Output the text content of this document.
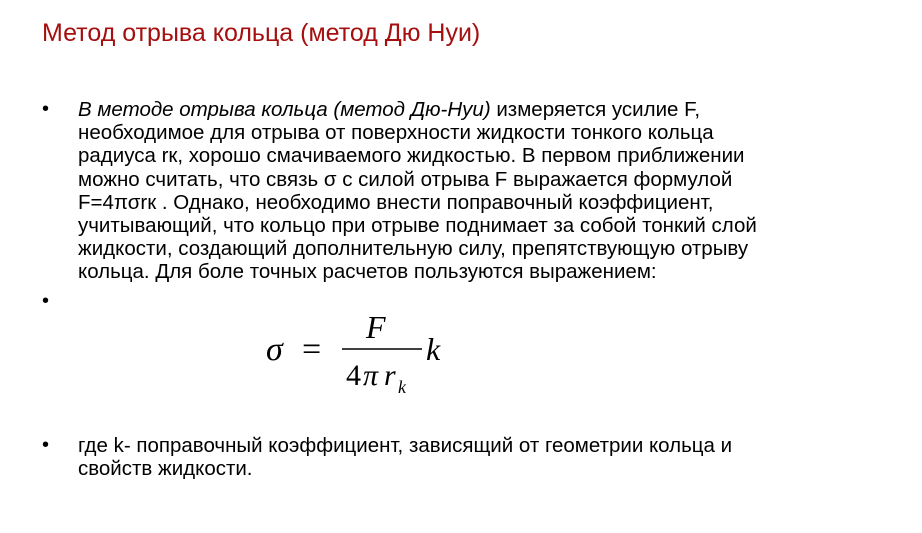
Метод отрыва кольца (метод Дю Нуи)
•	В методе отрыва кольца (метод Дю-Нуи) измеряется усилие F,
необходимое для отрыва от поверхности жидкости тонкого кольца
радиуса rк, хорошо смачиваемого жидкостью. В первом приближении
можно считать, что связь σ с силой отрыва F выражается формулой
F=4πσrк . Однако, необходимо внести поправочный коэффициент,
учитывающий, что кольцо при отрыве поднимает за собой тонкий слой
жидкости, создающий дополнительную силу, препятствующую отрыву
кольца. Для боле точных расчетов пользуются выражением:
•
σ =
F
4 π r k
k
•	где k- поправочный коэффициент, зависящий от геометрии кольца и
свойств жидкости.
